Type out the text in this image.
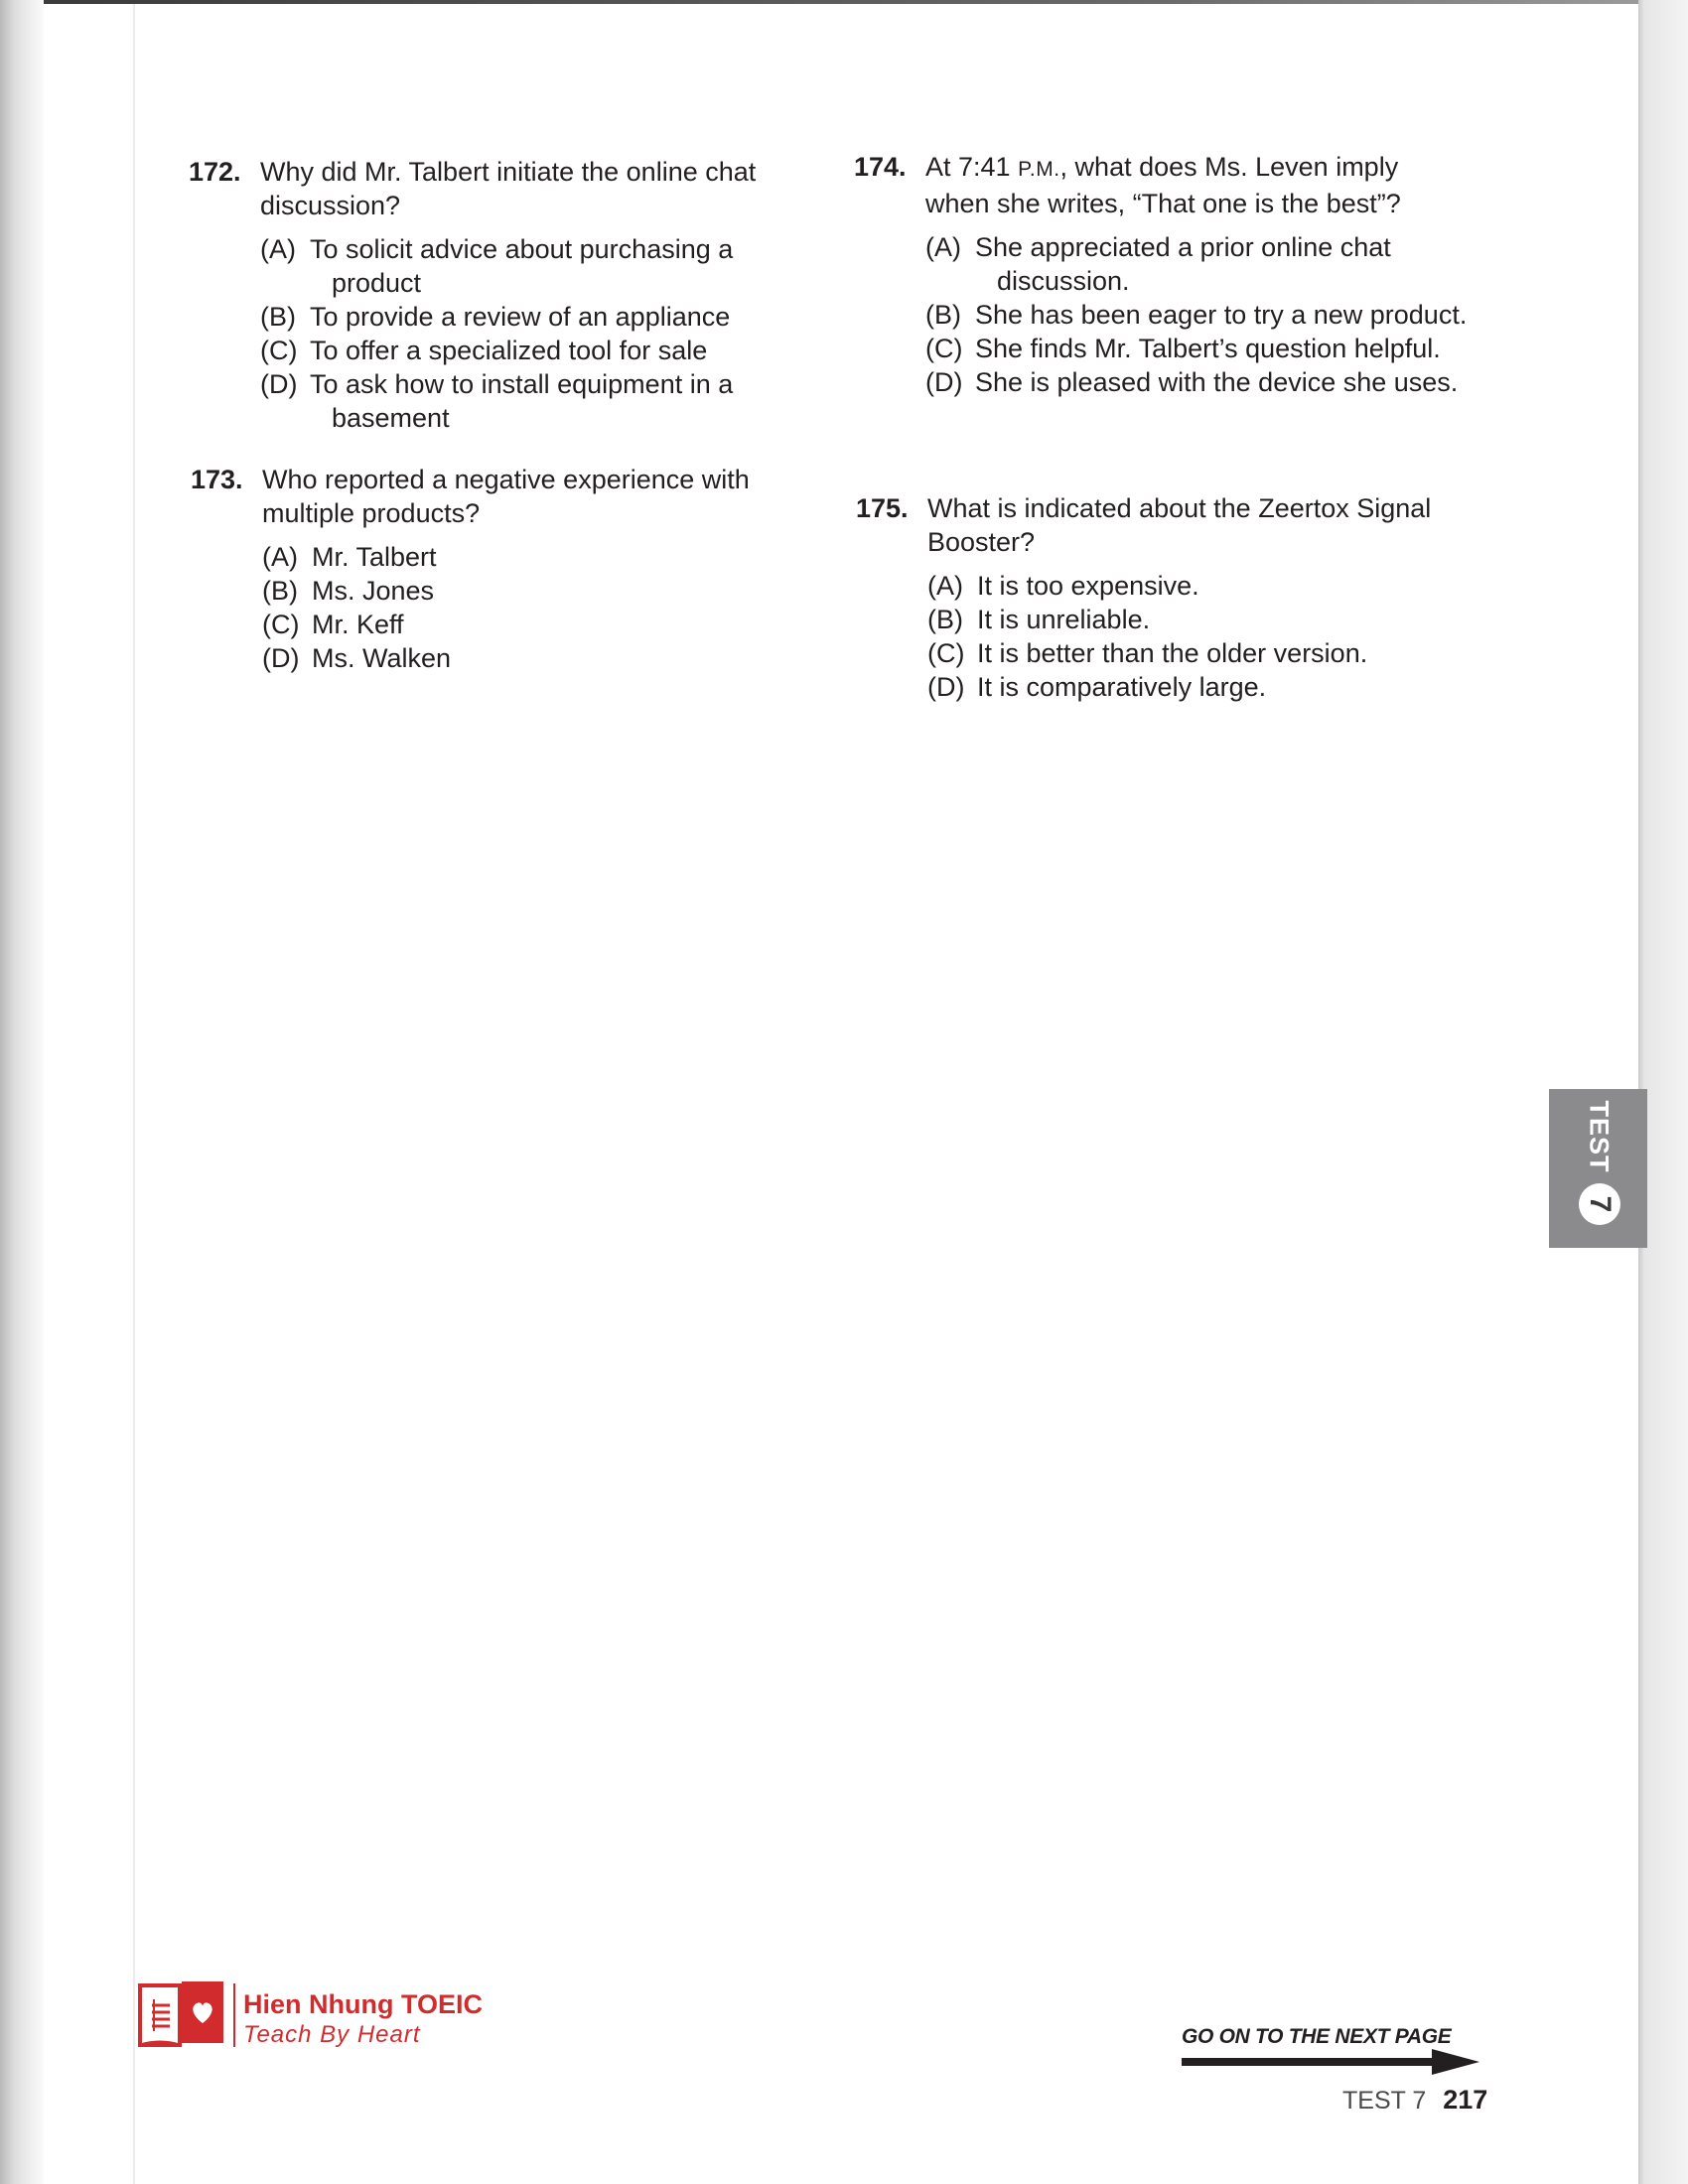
172. Why did Mr. Talbert initiate the online chat discussion?
(A) To solicit advice about purchasing a product
(B) To provide a review of an appliance
(C) To offer a specialized tool for sale
(D) To ask how to install equipment in a basement
173. Who reported a negative experience with multiple products?
(A) Mr. Talbert
(B) Ms. Jones
(C) Mr. Keff
(D) Ms. Walken
174. At 7:41 P.M., what does Ms. Leven imply when she writes, “That one is the best”?
(A) She appreciated a prior online chat discussion.
(B) She has been eager to try a new product.
(C) She finds Mr. Talbert’s question helpful.
(D) She is pleased with the device she uses.
175. What is indicated about the Zeertox Signal Booster?
(A) It is too expensive.
(B) It is unreliable.
(C) It is better than the older version.
(D) It is comparatively large.
TEST
7
Hien Nhung TOEIC
Teach By Heart	GO ON TO THE NEXT PAGE
TEST 7 217
